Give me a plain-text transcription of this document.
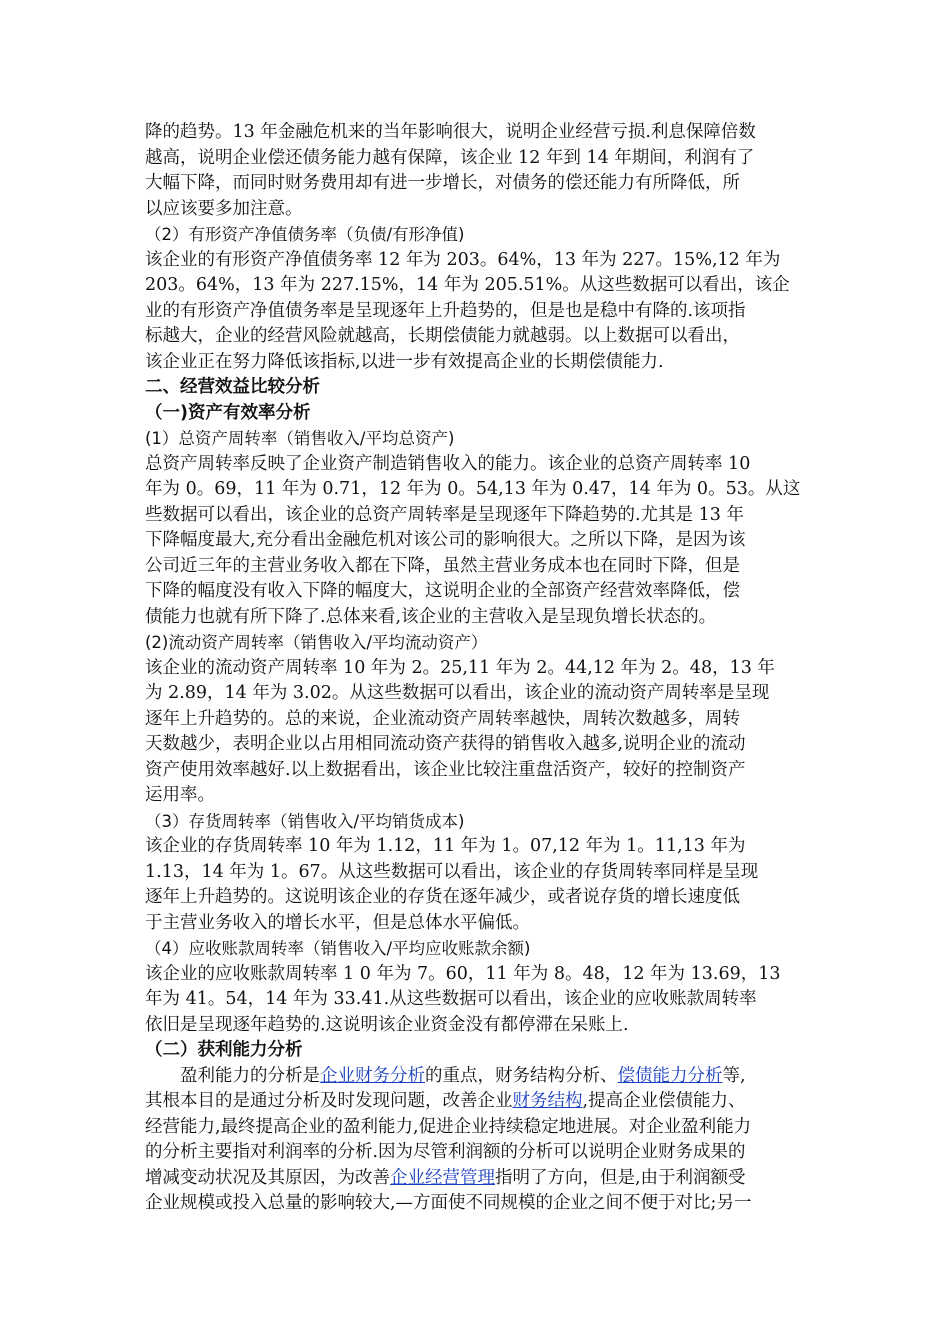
降的趋势。13 年金融危机来的当年影响很大，说明企业经营亏损.利息保障倍数
越高，说明企业偿还债务能力越有保障，该企业 12 年到 14 年期间，利润有了
大幅下降，而同时财务费用却有进一步增长，对债务的偿还能力有所降低，所
以应该要多加注意。
（2）有形资产净值债务率（负债/有形净值)
该企业的有形资产净值债务率 12 年为 203。64%，13 年为 227。15%,12 年为
203。64%，13 年为 227.15%，14 年为 205.51%。从这些数据可以看出，该企
业的有形资产净值债务率是呈现逐年上升趋势的，但是也是稳中有降的.该项指
标越大，企业的经营风险就越高，长期偿债能力就越弱。以上数据可以看出，
该企业正在努力降低该指标,以进一步有效提高企业的长期偿债能力.
二、经营效益比较分析
（一)资产有效率分析
(1）总资产周转率（销售收入/平均总资产)
总资产周转率反映了企业资产制造销售收入的能力。该企业的总资产周转率 10
年为 0。69，11 年为 0.71，12 年为 0。54,13 年为 0.47，14 年为 0。53。从这
些数据可以看出，该企业的总资产周转率是呈现逐年下降趋势的.尤其是 13 年
下降幅度最大,充分看出金融危机对该公司的影响很大。之所以下降，是因为该
公司近三年的主营业务收入都在下降，虽然主营业务成本也在同时下降，但是
下降的幅度没有收入下降的幅度大，这说明企业的全部资产经营效率降低，偿
债能力也就有所下降了.总体来看,该企业的主营收入是呈现负增长状态的。
(2)流动资产周转率（销售收入/平均流动资产）
该企业的流动资产周转率 10 年为 2。25,11 年为 2。44,12 年为 2。48，13 年
为 2.89，14 年为 3.02。从这些数据可以看出，该企业的流动资产周转率是呈现
逐年上升趋势的。总的来说，企业流动资产周转率越快，周转次数越多，周转
天数越少，表明企业以占用相同流动资产获得的销售收入越多,说明企业的流动
资产使用效率越好.以上数据看出，该企业比较注重盘活资产，较好的控制资产
运用率。
（3）存货周转率（销售收入/平均销货成本)
该企业的存货周转率 10 年为 1.12，11 年为 1。07,12 年为 1。11,13 年为
1.13，14 年为 1。67。从这些数据可以看出，该企业的存货周转率同样是呈现
逐年上升趋势的。这说明该企业的存货在逐年减少，或者说存货的增长速度低
于主营业务收入的增长水平，但是总体水平偏低。
（4）应收账款周转率（销售收入/平均应收账款余额)
该企业的应收账款周转率 1 0 年为 7。60，11 年为 8。48，12 年为 13.69，13
年为 41。54，14 年为 33.41.从这些数据可以看出，该企业的应收账款周转率
依旧是呈现逐年趋势的.这说明该企业资金没有都停滞在呆账上.
（二）获利能力分析
盈利能力的分析是企业财务分析的重点，财务结构分析、偿债能力分析等,
其根本目的是通过分析及时发现问题，改善企业财务结构,提高企业偿债能力、
经营能力,最终提高企业的盈利能力,促进企业持续稳定地进展。对企业盈利能力
的分析主要指对利润率的分析.因为尽管利润额的分析可以说明企业财务成果的
增减变动状况及其原因，为改善企业经营管理指明了方向，但是,由于利润额受
企业规模或投入总量的影响较大,—方面使不同规模的企业之间不便于对比;另一
